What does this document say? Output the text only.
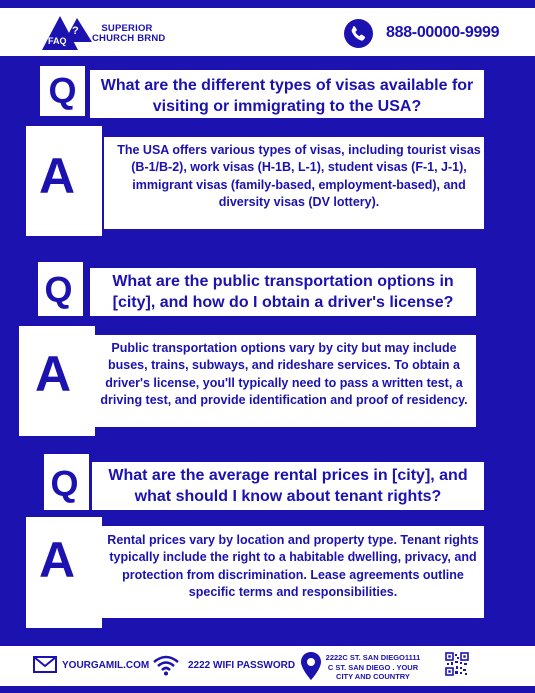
FAQ
?	SUPERIOR
CHURCH BRND	888-00000-9999
Q	What are the different types of visas available for visiting or immigrating to the USA?
A	The USA offers various types of visas, including tourist visas (B-1/B-2), work visas (H-1B, L-1), student visas (F-1, J-1), immigrant visas (family-based, employment-based), and diversity visas (DV lottery).
Q	What are the public transportation options in [city], and how do I obtain a driver's license?
A	Public transportation options vary by city but may include buses, trains, subways, and rideshare services. To obtain a driver's license, you'll typically need to pass a written test, a driving test, and provide identification and proof of residency.
Q	What are the average rental prices in [city], and what should I know about tenant rights?
A	Rental prices vary by location and property type. Tenant rights typically include the right to a habitable dwelling, privacy, and protection from discrimination. Lease agreements outline specific terms and responsibilities.
YOURGAMIL.COM	2222 WIFI PASSWORD
2222C ST. SAN DIEGO1111 C ST. SAN DIEGO . YOUR CITY AND COUNTRY
